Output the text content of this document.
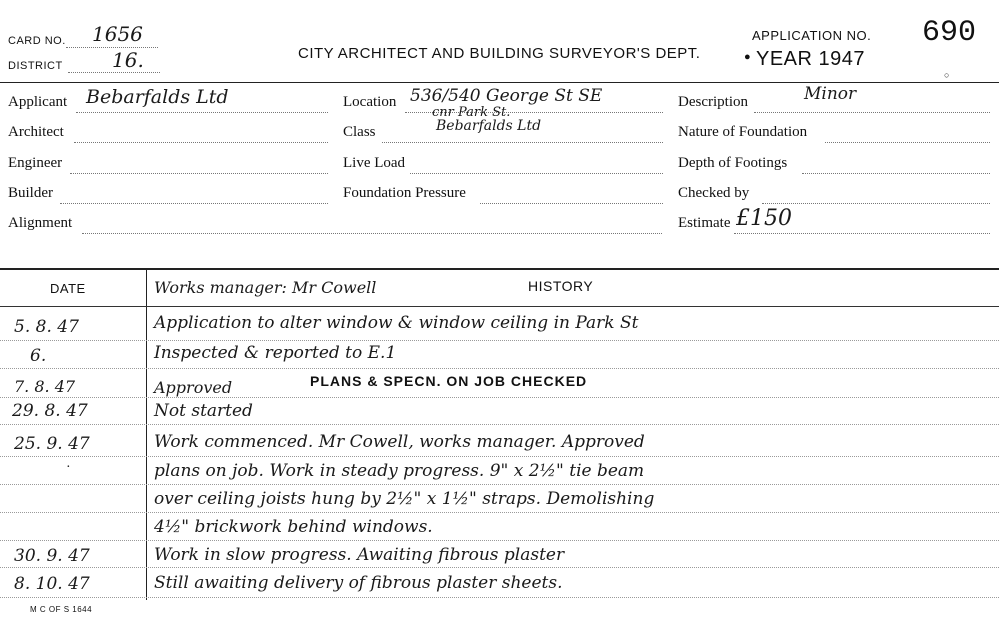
CARD NO. 1656
DISTRICT 16.	CITY ARCHITECT AND BUILDING SURVEYOR'S DEPT.
APPLICATION NO. 690
● YEAR 1947
○
Applicant Bebarfalds Ltd
Architect
Engineer
Builder
Alignment
Location 536/540 George St SE
cnr Park St.
Class	Bebarfalds Ltd
Live Load
Foundation Pressure
Description	Minor
Nature of Foundation
Depth of Footings
Checked by
Estimate £150
DATE	Works manager: Mr Cowell	HISTORY
5. 8. 47	Application to alter window & window ceiling in Park St
6.	Inspected & reported to E.1
7. 8. 47	Approved	PLANS & SPECN. ON JOB CHECKED
29. 8. 47	Not started
25. 9. 47	Work commenced. Mr Cowell, works manager. Approved
·	plans on job. Work in steady progress. 9" x 2½" tie beam
over ceiling joists hung by 2½" x 1½" straps. Demolishing
4½" brickwork behind windows.
30. 9. 47	Work in slow progress. Awaiting fibrous plaster
8. 10. 47	Still awaiting delivery of fibrous plaster sheets.
M C OF S 1644
